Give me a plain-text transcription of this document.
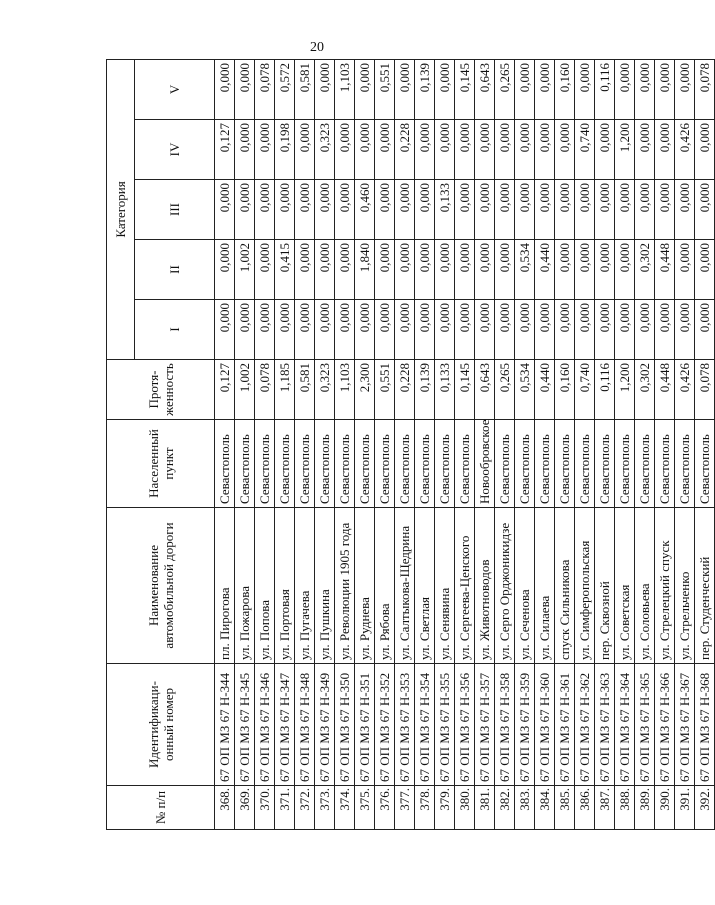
20
№ п/п	Идентификаци-онный номер	Наименование автомобильной дороги	Населенный пункт	Протя-женность	Категория				
					I	II	III	IV	V
368.	67 ОП МЗ 67 Н-344	пл. Пирогова	Севастополь	0,127	0,000	0,000	0,000	0,127	0,000
369.	67 ОП МЗ 67 Н-345	ул. Пожарова	Севастополь	1,002	0,000	1,002	0,000	0,000	0,000
370.	67 ОП МЗ 67 Н-346	ул. Попова	Севастополь	0,078	0,000	0,000	0,000	0,000	0,078
371.	67 ОП МЗ 67 Н-347	ул. Портовая	Севастополь	1,185	0,000	0,415	0,000	0,198	0,572
372.	67 ОП МЗ 67 Н-348	ул. Пугачева	Севастополь	0,581	0,000	0,000	0,000	0,000	0,581
373.	67 ОП МЗ 67 Н-349	ул. Пушкина	Севастополь	0,323	0,000	0,000	0,000	0,323	0,000
374.	67 ОП МЗ 67 Н-350	ул. Революции 1905 года	Севастополь	1,103	0,000	0,000	0,000	0,000	1,103
375.	67 ОП МЗ 67 Н-351	ул. Руднева	Севастополь	2,300	0,000	1,840	0,460	0,000	0,000
376.	67 ОП МЗ 67 Н-352	ул. Рябова	Севастополь	0,551	0,000	0,000	0,000	0,000	0,551
377.	67 ОП МЗ 67 Н-353	ул. Салтыкова-Щедрина	Севастополь	0,228	0,000	0,000	0,000	0,228	0,000
378.	67 ОП МЗ 67 Н-354	ул. Светлая	Севастополь	0,139	0,000	0,000	0,000	0,000	0,139
379.	67 ОП МЗ 67 Н-355	ул. Сенявина	Севастополь	0,133	0,000	0,000	0,133	0,000	0,000
380.	67 ОП МЗ 67 Н-356	ул. Сергеева-Ценского	Севастополь	0,145	0,000	0,000	0,000	0,000	0,145
381.	67 ОП МЗ 67 Н-357	ул. Животноводов	Новообровское	0,643	0,000	0,000	0,000	0,000	0,643
382.	67 ОП МЗ 67 Н-358	ул. Серго Орджоникидзе	Севастополь	0,265	0,000	0,000	0,000	0,000	0,265
383.	67 ОП МЗ 67 Н-359	ул. Сеченова	Севастополь	0,534	0,000	0,534	0,000	0,000	0,000
384.	67 ОП МЗ 67 Н-360	ул. Силаева	Севастополь	0,440	0,000	0,440	0,000	0,000	0,000
385.	67 ОП МЗ 67 Н-361	спуск Сильникова	Севастополь	0,160	0,000	0,000	0,000	0,000	0,160
386.	67 ОП МЗ 67 Н-362	ул. Симферопольская	Севастополь	0,740	0,000	0,000	0,000	0,740	0,000
387.	67 ОП МЗ 67 Н-363	пер. Сквозной	Севастополь	0,116	0,000	0,000	0,000	0,000	0,116
388.	67 ОП МЗ 67 Н-364	ул. Советская	Севастополь	1,200	0,000	0,000	0,000	1,200	0,000
389.	67 ОП МЗ 67 Н-365	ул. Соловьева	Севастополь	0,302	0,000	0,302	0,000	0,000	0,000
390.	67 ОП МЗ 67 Н-366	ул. Стрелецкий спуск	Севастополь	0,448	0,000	0,448	0,000	0,000	0,000
391.	67 ОП МЗ 67 Н-367	ул. Стрельченко	Севастополь	0,426	0,000	0,000	0,000	0,426	0,000
392.	67 ОП МЗ 67 Н-368	пер. Студенческий	Севастополь	0,078	0,000	0,000	0,000	0,000	0,078
